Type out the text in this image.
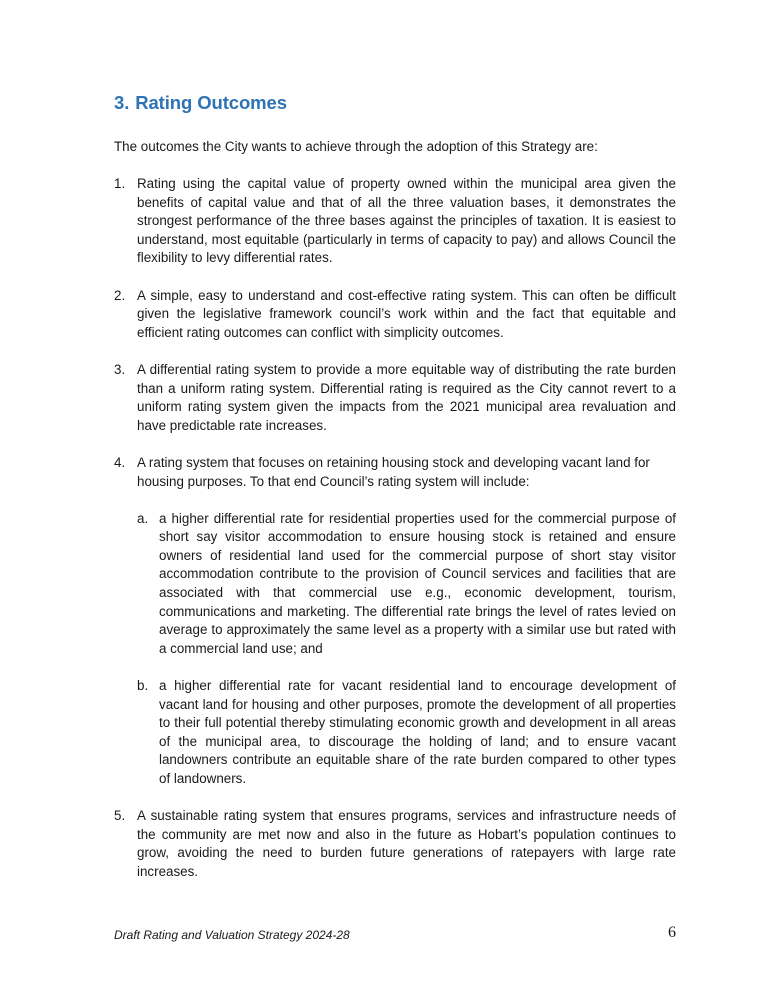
3. Rating Outcomes

The outcomes the City wants to achieve through the adoption of this Strategy are:

1. Rating using the capital value of property owned within the municipal area given the benefits of capital value and that of all the three valuation bases, it demonstrates the strongest performance of the three bases against the principles of taxation. It is easiest to understand, most equitable (particularly in terms of capacity to pay) and allows Council the flexibility to levy differential rates.
2. A simple, easy to understand and cost-effective rating system. This can often be difficult given the legislative framework council’s work within and the fact that equitable and efficient rating outcomes can conflict with simplicity outcomes.
3. A differential rating system to provide a more equitable way of distributing the rate burden than a uniform rating system. Differential rating is required as the City cannot revert to a uniform rating system given the impacts from the 2021 municipal area revaluation and have predictable rate increases.
4. A rating system that focuses on retaining housing stock and developing vacant land for housing purposes. To that end Council’s rating system will include:
a. a higher differential rate for residential properties used for the commercial purpose of short say visitor accommodation to ensure housing stock is retained and ensure owners of residential land used for the commercial purpose of short stay visitor accommodation contribute to the provision of Council services and facilities that are associated with that commercial use e.g., economic development, tourism, communications and marketing. The differential rate brings the level of rates levied on average to approximately the same level as a property with a similar use but rated with a commercial land use; and
b. a higher differential rate for vacant residential land to encourage development of vacant land for housing and other purposes, promote the development of all properties to their full potential thereby stimulating economic growth and development in all areas of the municipal area, to discourage the holding of land; and to ensure vacant landowners contribute an equitable share of the rate burden compared to other types of landowners.
5. A sustainable rating system that ensures programs, services and infrastructure needs of the community are met now and also in the future as Hobart’s population continues to grow, avoiding the need to burden future generations of ratepayers with large rate increases.
Draft Rating and Valuation Strategy 2024-28	6
